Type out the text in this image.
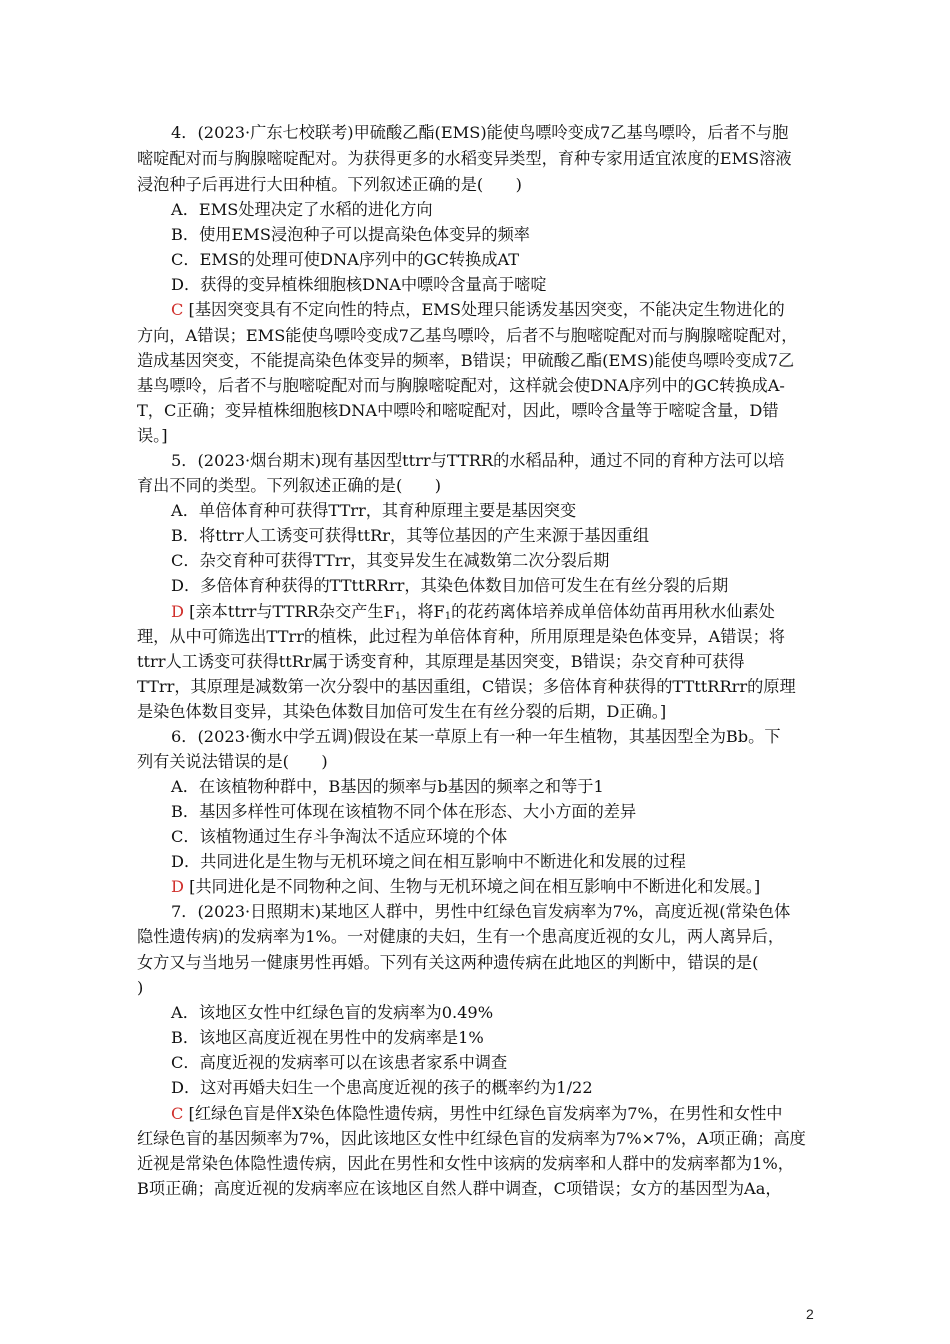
4．(2023·广东七校联考)甲硫酸乙酯(EMS)能使鸟嘌呤变成7乙基鸟嘌呤，后者不与胞
嘧啶配对而与胸腺嘧啶配对。为获得更多的水稻变异类型，育种专家用适宜浓度的EMS溶液
浸泡种子后再进行大田种植。下列叙述正确的是(　　)
A．EMS处理决定了水稻的进化方向
B．使用EMS浸泡种子可以提高染色体变异的频率
C．EMS的处理可使DNA序列中的GC转换成AT
D．获得的变异植株细胞核DNA中嘌呤含量高于嘧啶
C [基因突变具有不定向性的特点，EMS处理只能诱发基因突变，不能决定生物进化的
方向，A错误；EMS能使鸟嘌呤变成7乙基鸟嘌呤，后者不与胞嘧啶配对而与胸腺嘧啶配对，
造成基因突变，不能提高染色体变异的频率，B错误；甲硫酸乙酯(EMS)能使鸟嘌呤变成7乙
基鸟嘌呤，后者不与胞嘧啶配对而与胸腺嘧啶配对，这样就会使DNA序列中的GC转换成A-
T，C正确；变异植株细胞核DNA中嘌呤和嘧啶配对，因此，嘌呤含量等于嘧啶含量，D错
误。]
5．(2023·烟台期末)现有基因型ttrr与TTRR的水稻品种，通过不同的育种方法可以培
育出不同的类型。下列叙述正确的是(　　)
A．单倍体育种可获得TTrr，其育种原理主要是基因突变
B．将ttrr人工诱变可获得ttRr，其等位基因的产生来源于基因重组
C．杂交育种可获得TTrr，其变异发生在减数第二次分裂后期
D．多倍体育种获得的TTttRRrr，其染色体数目加倍可发生在有丝分裂的后期
D [亲本ttrr与TTRR杂交产生$F_1$，将$F_1$的花药离体培养成单倍体幼苗再用秋水仙素处
理，从中可筛选出TTrr的植株，此过程为单倍体育种，所用原理是染色体变异，A错误；将
ttrr人工诱变可获得ttRr属于诱变育种，其原理是基因突变，B错误；杂交育种可获得
TTrr，其原理是减数第一次分裂中的基因重组，C错误；多倍体育种获得的TTttRRrr的原理
是染色体数目变异，其染色体数目加倍可发生在有丝分裂的后期，D正确。]
6．(2023·衡水中学五调)假设在某一草原上有一种一年生植物，其基因型全为Bb。下
列有关说法错误的是(　　)
A．在该植物种群中，B基因的频率与b基因的频率之和等于1
B．基因多样性可体现在该植物不同个体在形态、大小方面的差异
C．该植物通过生存斗争淘汰不适应环境的个体
D．共同进化是生物与无机环境之间在相互影响中不断进化和发展的过程
D [共同进化是不同物种之间、生物与无机环境之间在相互影响中不断进化和发展。]
7．(2023·日照期末)某地区人群中，男性中红绿色盲发病率为7%，高度近视(常染色体
隐性遗传病)的发病率为1%。一对健康的夫妇，生有一个患高度近视的女儿，两人离异后，
女方又与当地另一健康男性再婚。下列有关这两种遗传病在此地区的判断中，错误的是(
)
A．该地区女性中红绿色盲的发病率为0.49%
B．该地区高度近视在男性中的发病率是1%
C．高度近视的发病率可以在该患者家系中调查
D．这对再婚夫妇生一个患高度近视的孩子的概率约为1/22
C [红绿色盲是伴X染色体隐性遗传病，男性中红绿色盲发病率为7%，在男性和女性中
红绿色盲的基因频率为7%，因此该地区女性中红绿色盲的发病率为7%×7%，A项正确；高度
近视是常染色体隐性遗传病，因此在男性和女性中该病的发病率和人群中的发病率都为1%，
B项正确；高度近视的发病率应在该地区自然人群中调查，C项错误；女方的基因型为Aa，
2
